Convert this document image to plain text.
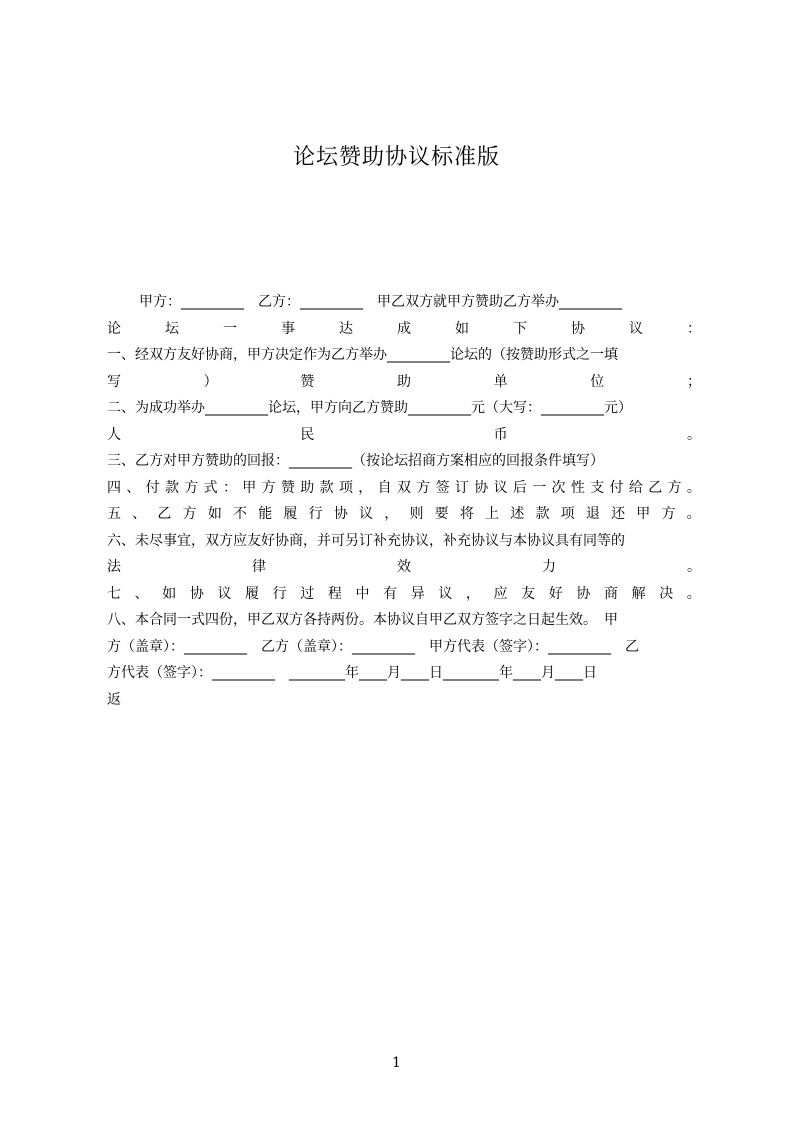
论坛赞助协议标准版
甲方：_________　乙方：_________　甲乙双方就甲方赞助乙方举办_________
论	坛	一	事	达	成	如	下	协	议	：
一、经双方友好协商，甲方决定作为乙方举办_________论坛的（按赞助形式之一填
写	）	赞	助	单	位	；
二、为成功举办_________论坛，甲方向乙方赞助_________元（大写：_________元）
人	民	币	。
三、乙方对甲方赞助的回报：_________（按论坛招商方案相应的回报条件填写）
四 、 付 款 方 式 ： 甲 方 赞 助 款 项 ， 自 双 方 签 订 协 议 后 一 次 性 支 付 给 乙 方 。
五 、 乙 方 如 不 能 履 行 协 议 ， 则 要 将 上 述 款 项 退 还 甲 方 。
六、未尽事宜，双方应友好协商，并可另订补充协议，补充协议与本协议具有同等的
法	律	效	力	。
七 、 如 协 议 履 行 过 程 中 有 异 议 ， 应 友 好 协 商 解 决 。
八、本合同一式四份，甲乙双方各持两份。本协议自甲乙双方签字之日起生效。　甲
方（盖章）：_________　乙方（盖章）：_________　甲方代表（签字）：_________　乙
方代表（签字）：_________　________年____月____日________年____月____日
返
1
